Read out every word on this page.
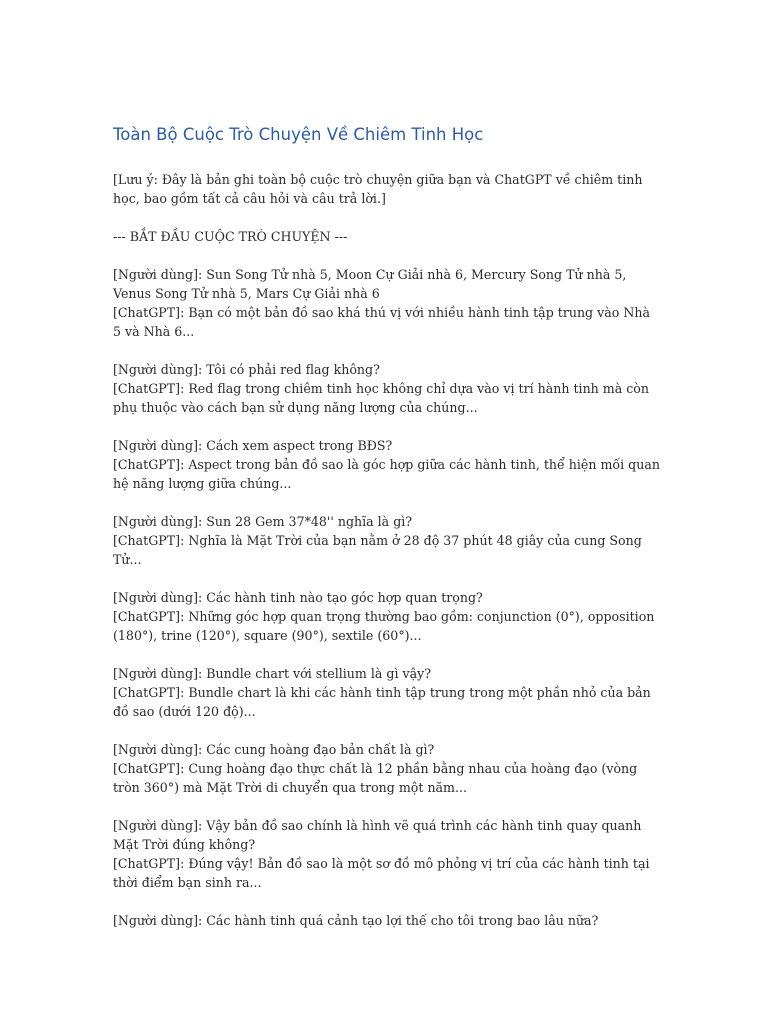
Toàn Bộ Cuộc Trò Chuyện Về Chiêm Tinh Học

[Lưu ý: Đây là bản ghi toàn bộ cuộc trò chuyện giữa bạn và ChatGPT về chiêm tinh học, bao gồm tất cả câu hỏi và câu trả lời.]

--- BẮT ĐẦU CUỘC TRÒ CHUYỆN ---

[Người dùng]: Sun Song Tử nhà 5, Moon Cự Giải nhà 6, Mercury Song Tử nhà 5, Venus Song Tử nhà 5, Mars Cự Giải nhà 6
[ChatGPT]: Bạn có một bản đồ sao khá thú vị với nhiều hành tinh tập trung vào Nhà 5 và Nhà 6...

[Người dùng]: Tôi có phải red flag không?
[ChatGPT]: Red flag trong chiêm tinh học không chỉ dựa vào vị trí hành tinh mà còn phụ thuộc vào cách bạn sử dụng năng lượng của chúng...

[Người dùng]: Cách xem aspect trong BĐS?
[ChatGPT]: Aspect trong bản đồ sao là góc hợp giữa các hành tinh, thể hiện mối quan hệ năng lượng giữa chúng...

[Người dùng]: Sun 28 Gem 37*48'' nghĩa là gì?
[ChatGPT]: Nghĩa là Mặt Trời của bạn nằm ở 28 độ 37 phút 48 giây của cung Song Tử...

[Người dùng]: Các hành tinh nào tạo góc hợp quan trọng?
[ChatGPT]: Những góc hợp quan trọng thường bao gồm: conjunction (0°), opposition (180°), trine (120°), square (90°), sextile (60°)...

[Người dùng]: Bundle chart với stellium là gì vậy?
[ChatGPT]: Bundle chart là khi các hành tinh tập trung trong một phần nhỏ của bản đồ sao (dưới 120 độ)...

[Người dùng]: Các cung hoàng đạo bản chất là gì?
[ChatGPT]: Cung hoàng đạo thực chất là 12 phần bằng nhau của hoàng đạo (vòng tròn 360°) mà Mặt Trời di chuyển qua trong một năm...

[Người dùng]: Vậy bản đồ sao chính là hình vẽ quá trình các hành tinh quay quanh Mặt Trời đúng không?
[ChatGPT]: Đúng vậy! Bản đồ sao là một sơ đồ mô phỏng vị trí của các hành tinh tại thời điểm bạn sinh ra...

[Người dùng]: Các hành tinh quá cảnh tạo lợi thế cho tôi trong bao lâu nữa?
